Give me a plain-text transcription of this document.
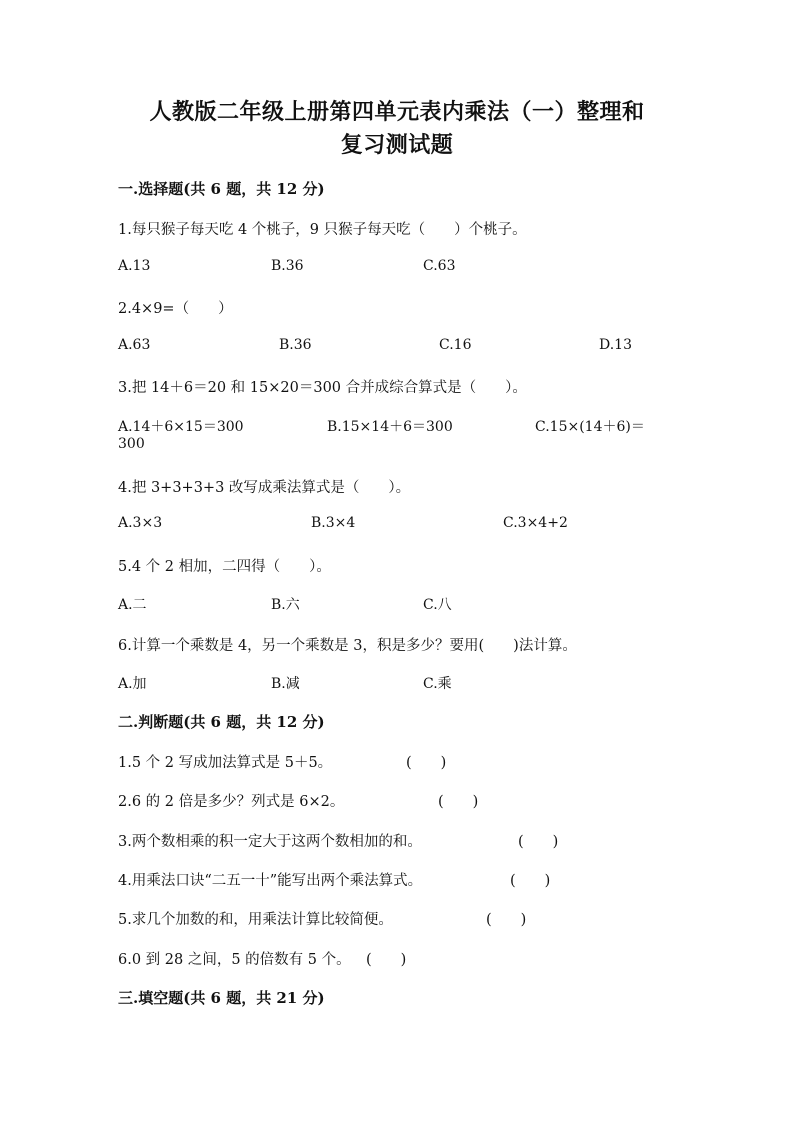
人教版二年级上册第四单元表内乘法（一）整理和
复习测试题
一.选择题(共 6 题，共 12 分)
1.每只猴子每天吃 4 个桃子，9 只猴子每天吃（　　）个桃子。
A.13	B.36	C.63
2.4×9=（　　）
A.63	B.36	C.16	D.13
3.把 14＋6＝20 和 15×20＝300 合并成综合算式是（　　）。
A.14＋6×15＝300	B.15×14＋6＝300	C.15×(14＋6)＝
300
4.把 3+3+3+3 改写成乘法算式是（　　）。
A.3×3	B.3×4	C.3×4+2
5.4 个 2 相加，二四得（　　）。
A.二	B.六	C.八
6.计算一个乘数是 4，另一个乘数是 3，积是多少？要用(　　)法计算。
A.加	B.减	C.乘
二.判断题(共 6 题，共 12 分)
1.5 个 2 写成加法算式是 5＋5。	(　　)
2.6 的 2 倍是多少？列式是 6×2。	(　　)
3.两个数相乘的积一定大于这两个数相加的和。	(　　)
4.用乘法口诀“二五一十”能写出两个乘法算式。	(　　)
5.求几个加数的和，用乘法计算比较简便。	(　　)
6.0 到 28 之间，5 的倍数有 5 个。 (　　)
三.填空题(共 6 题，共 21 分)
